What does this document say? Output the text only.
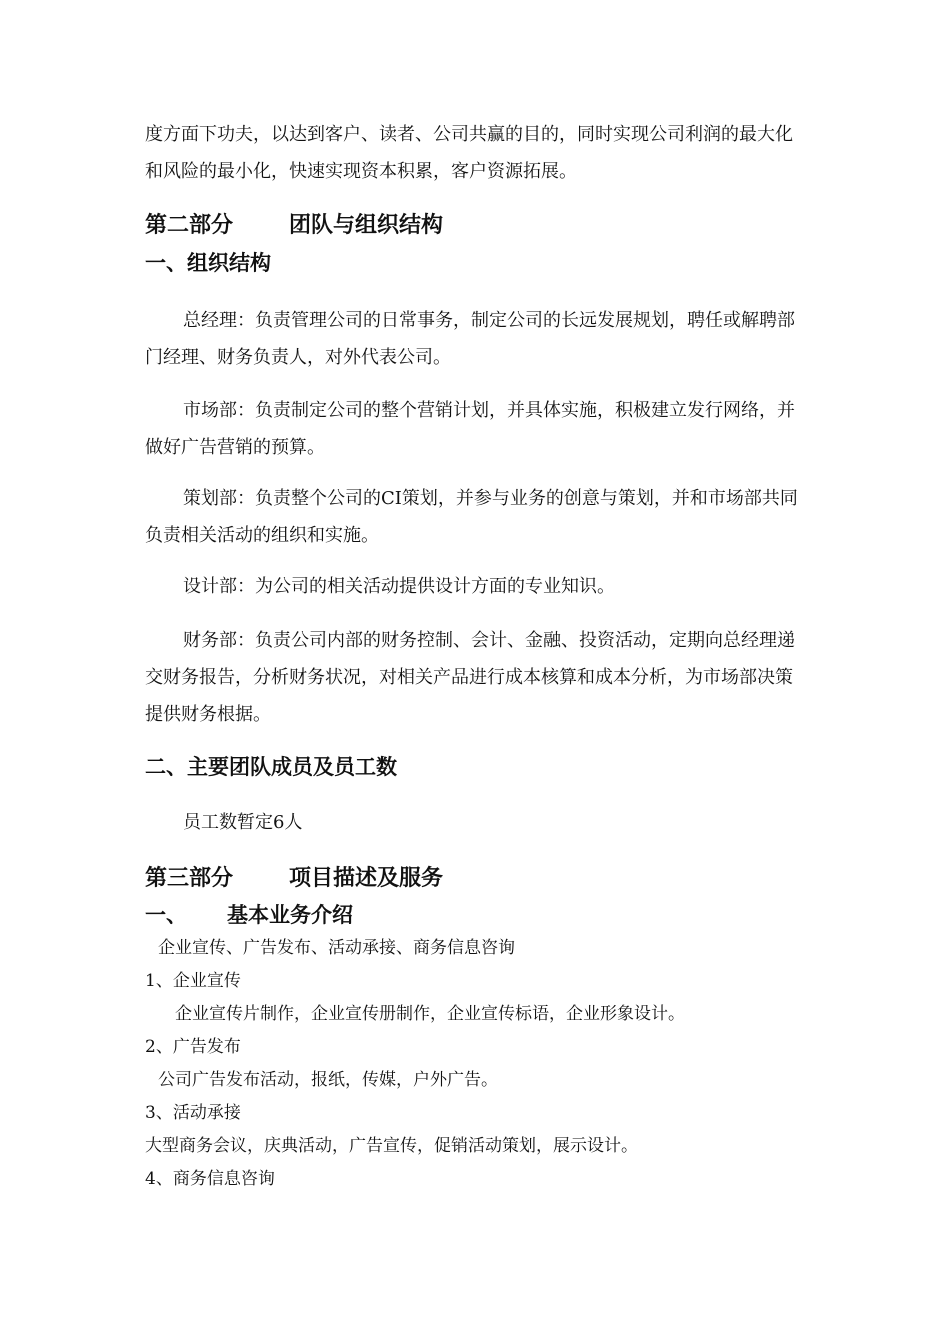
度方面下功夫，以达到客户、读者、公司共赢的目的，同时实现公司利润的最大化和风险的最小化，快速实现资本积累，客户资源拓展。

第二部分	团队与组织结构
一、组织结构

总经理：负责管理公司的日常事务，制定公司的长远发展规划，聘任或解聘部门经理、财务负责人，对外代表公司。

市场部：负责制定公司的整个营销计划，并具体实施，积极建立发行网络，并做好广告营销的预算。

策划部：负责整个公司的CI策划，并参与业务的创意与策划，并和市场部共同负责相关活动的组织和实施。

设计部：为公司的相关活动提供设计方面的专业知识。

财务部：负责公司内部的财务控制、会计、金融、投资活动，定期向总经理递交财务报告，分析财务状况，对相关产品进行成本核算和成本分析，为市场部决策提供财务根据。

二、主要团队成员及员工数

员工数暂定6人

第三部分	项目描述及服务
一、 基本业务介绍

企业宣传、广告发布、活动承接、商务信息咨询

1、企业宣传

企业宣传片制作，企业宣传册制作，企业宣传标语，企业形象设计。

2、广告发布

公司广告发布活动，报纸，传媒，户外广告。

3、活动承接

大型商务会议，庆典活动，广告宣传，促销活动策划，展示设计。

4、商务信息咨询
